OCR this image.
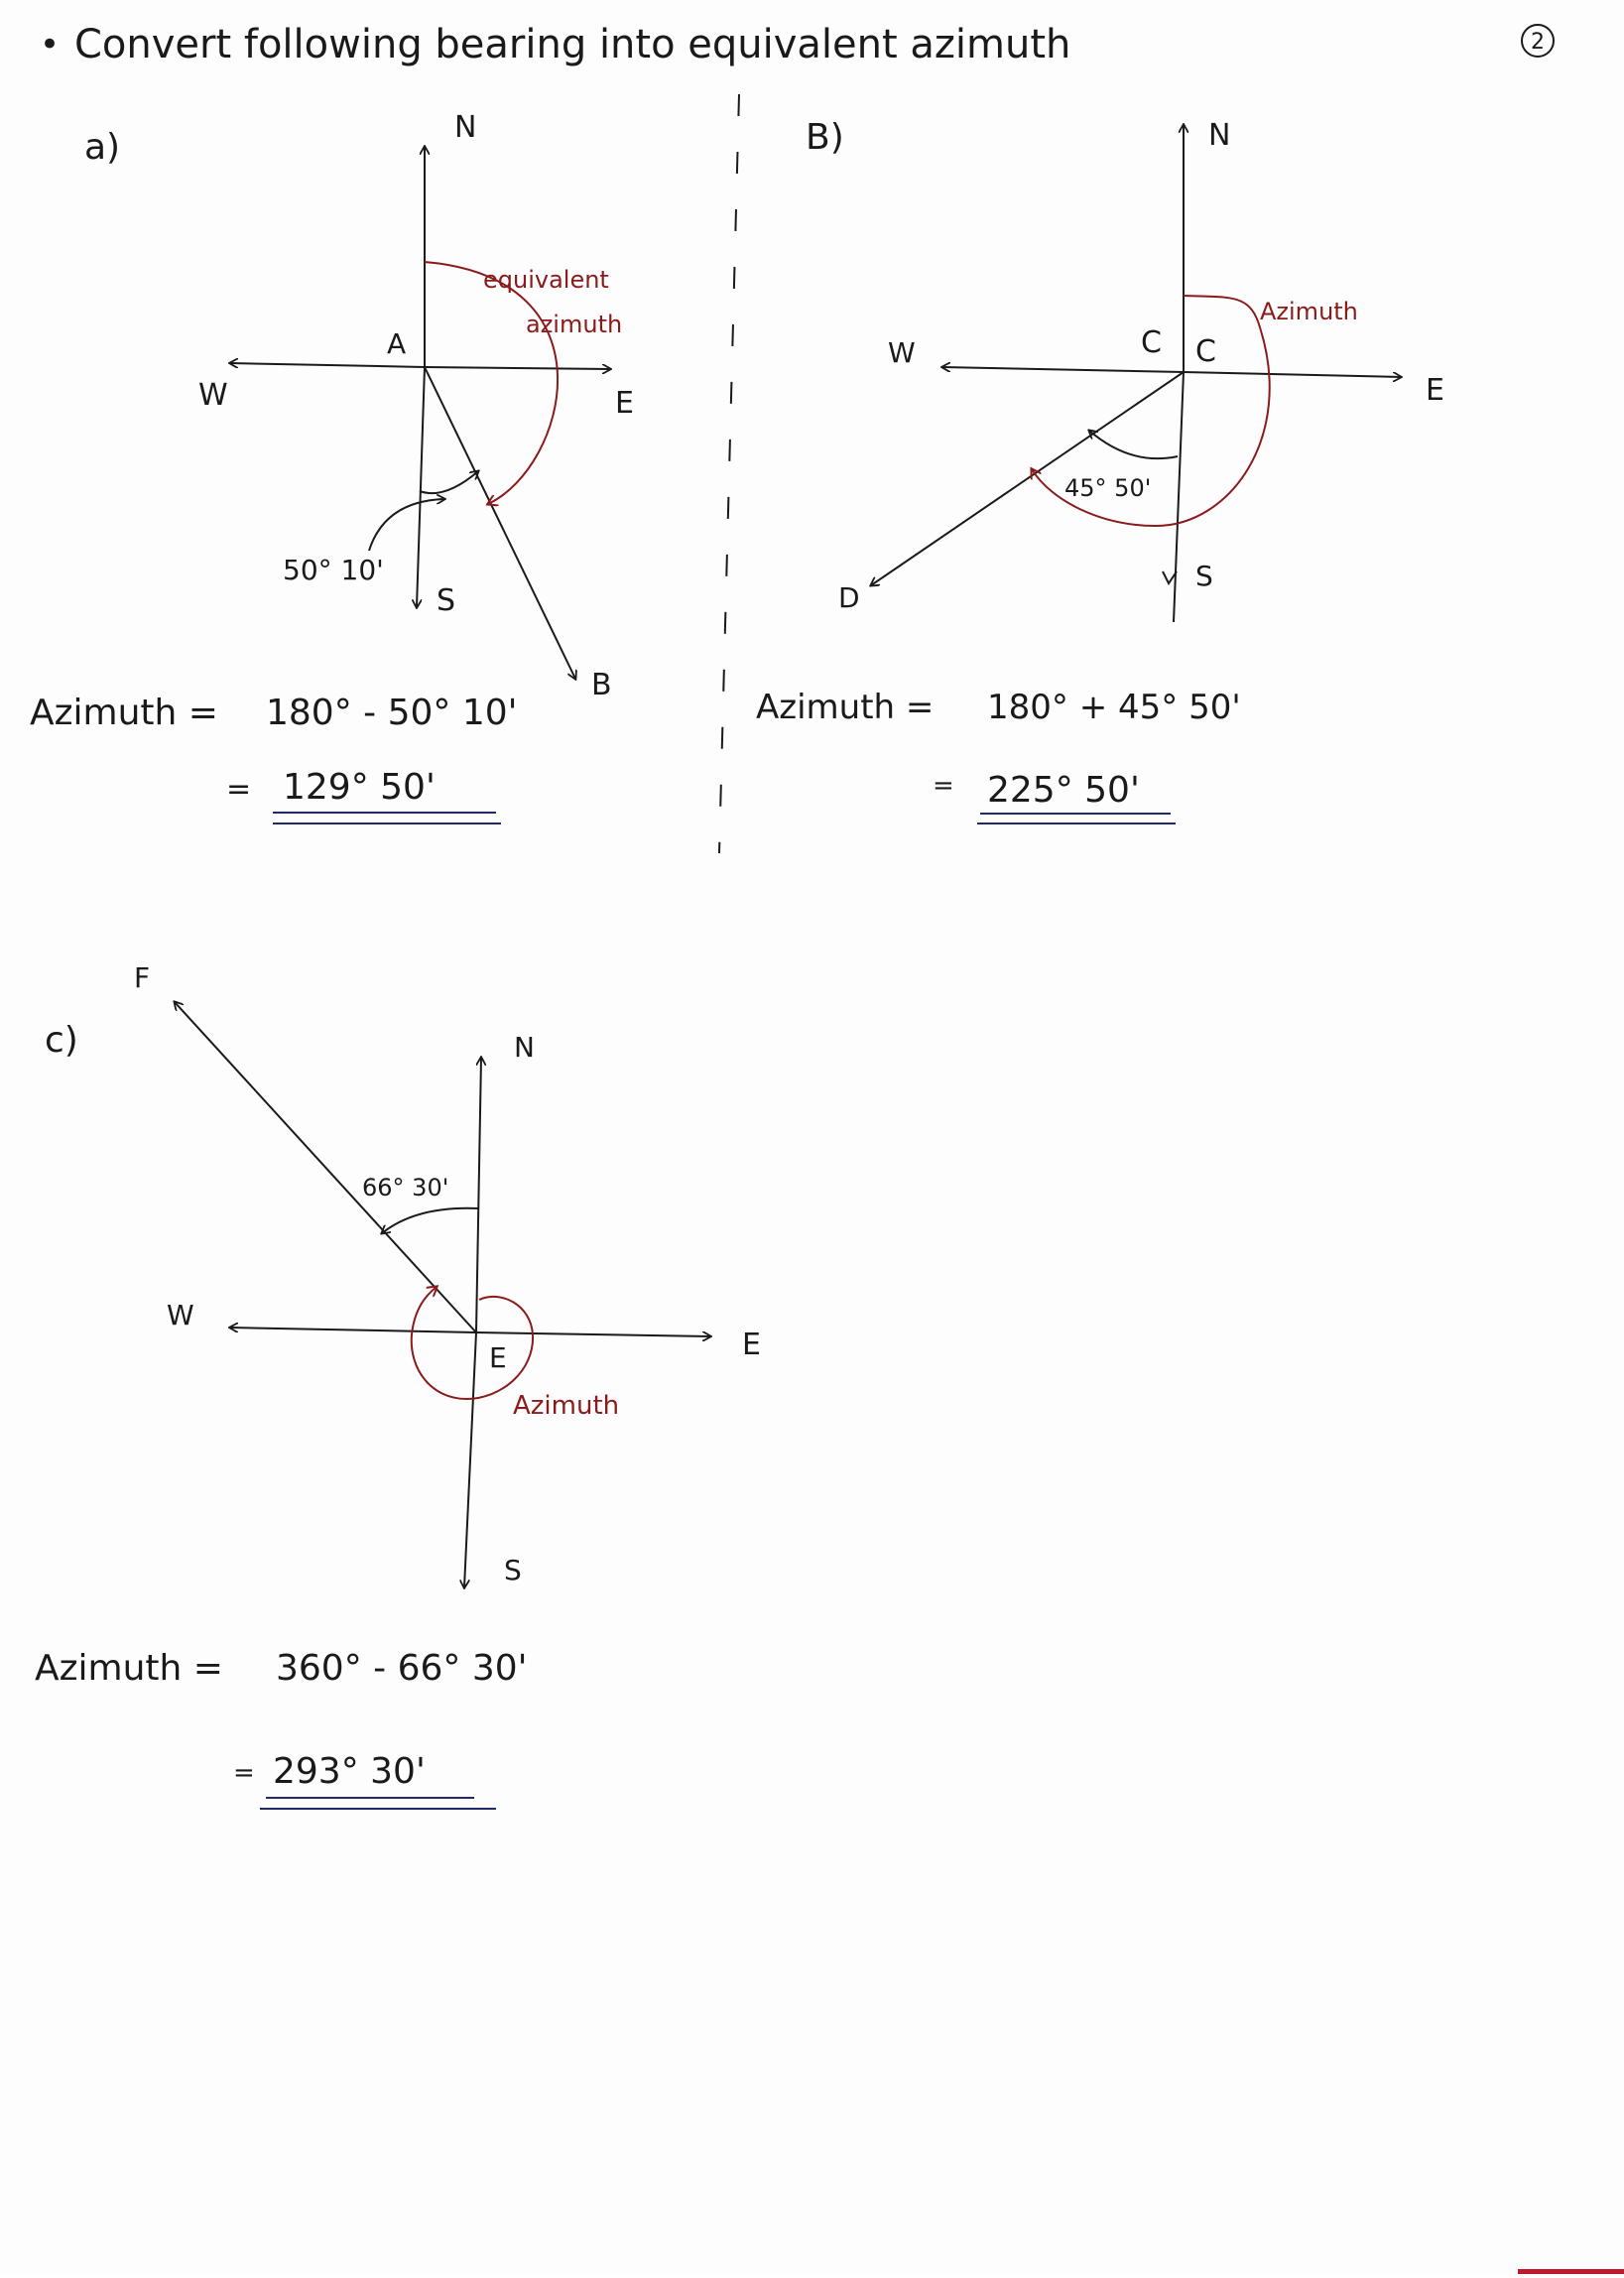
• Convert following bearing into equivalent azimuth	2
a)	N
S
E
W
A
B
50° 10'
equivalent
azimuth
Azimuth = 180° - 50° 10'
= 129° 50'
B)	N
S
E
W	C C
D
45° 50'
Azimuth
Azimuth = 180° + 45° 50'
= 225° 50'
c)	N
S
E
W
E
F
66° 30'
Azimuth
Azimuth = 360° - 66° 30'
= 293° 30'
